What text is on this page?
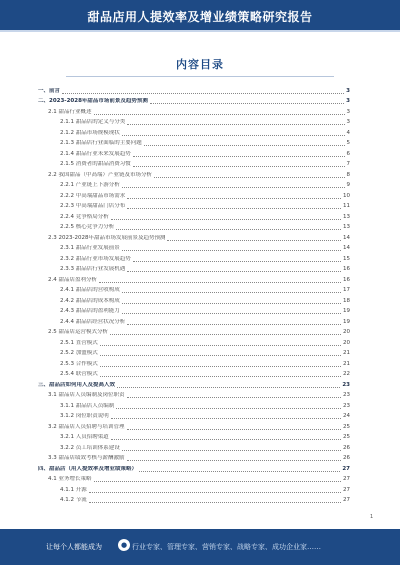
甜品店用人提效率及增业绩策略研究报告
内容目录
一、前言	3
二、2023-2028年甜品市场前景及趋势预测	3
2.1 甜品行业概述	3
2.1.1 甜品店的定义与分类	3
2.1.2 甜品市场规模现状	4
2.1.3 甜品店行业面临的主要问题	5
2.1.4 甜品行业未来发展趋势	6
2.1.5 消费者的甜品消费习惯	7
2.2 我国甜品（中高端）产业链及市场分析	8
2.2.1 产业链上下游分析	9
2.2.2 中高端甜品市场需求	10
2.2.3 中高端甜品门店分布	11
2.2.4 竞争格局分析	13
2.2.5 核心竞争力分析	13
2.3 2023-2028年甜品市场发展前景及趋势预测	14
2.3.1 甜品行业发展前景	14
2.3.2 甜品行业市场发展趋势	15
2.3.3 甜品店行业发展机遇	16
2.4 甜品店盈利分析	16
2.4.1 甜品店的营收构成	17
2.4.2 甜品店的成本构成	18
2.4.3 甜品店的盈利能力	19
2.4.4 甜品店经营状况分析	19
2.5 甜品店运营模式分析	20
2.5.1 直营模式	20
2.5.2 加盟模式	21
2.5.3 合作模式	21
2.5.4 联营模式	22
三、甜品店如何用人及提高人效	23
3.1 甜品店人员编制及岗位职责	23
3.1.1 甜品店人员编制	23
3.1.2 岗位职责说明	24
3.2 甜品店人员招聘与培训管理	25
3.2.1 人员招聘渠道	25
3.2.2 员工培训体系建设	26
3.3 甜品店绩效考核与薪酬激励	26
四、甜品店（用人提效率及增业绩策略）	27
4.1 业务增长策略	27
4.1.1 开源	27
4.1.2 节流	27
1
让每个人都能成为	● 行业专家、管理专家、营销专家、战略专家、成功企业家……
